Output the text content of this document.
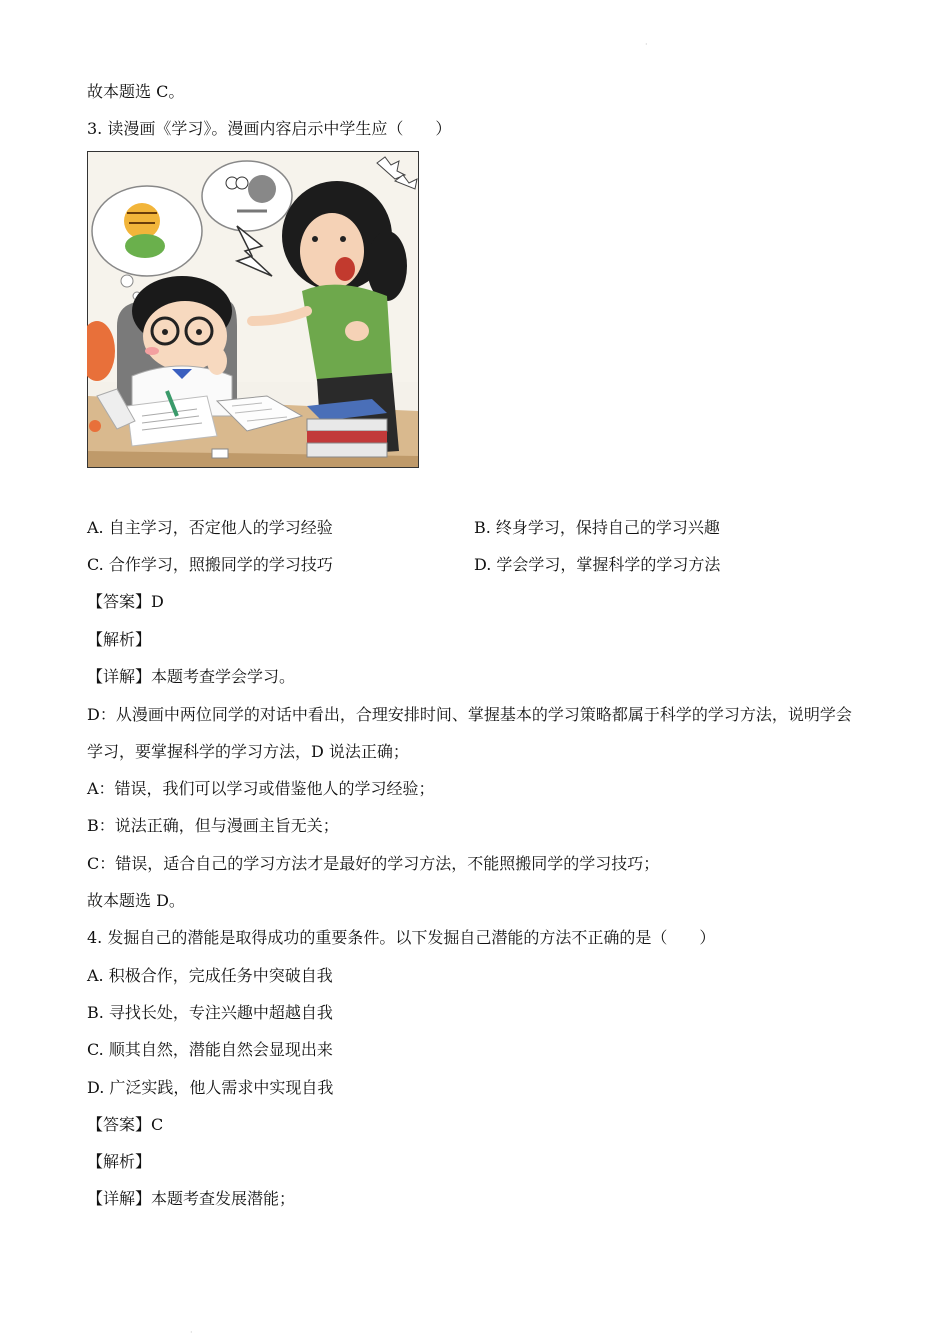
·
故本题选 C。
3. 读漫画《学习》。漫画内容启示中学生应（　　）
A. 自主学习，否定他人的学习经验	B. 终身学习，保持自己的学习兴趣
C. 合作学习，照搬同学的学习技巧	D. 学会学习，掌握科学的学习方法
【答案】D
【解析】
【详解】本题考查学会学习。
D：从漫画中两位同学的对话中看出，合理安排时间、掌握基本的学习策略都属于科学的学习方法，说明学会学习，要掌握科学的学习方法，D 说法正确；
A：错误，我们可以学习或借鉴他人的学习经验；
B：说法正确，但与漫画主旨无关；
C：错误，适合自己的学习方法才是最好的学习方法，不能照搬同学的学习技巧；
故本题选 D。
4. 发掘自己的潜能是取得成功的重要条件。以下发掘自己潜能的方法不正确的是（　　）
A. 积极合作，完成任务中突破自我
B. 寻找长处，专注兴趣中超越自我
C. 顺其自然，潜能自然会显现出来
D. 广泛实践，他人需求中实现自我
【答案】C
【解析】
【详解】本题考查发展潜能；
·
